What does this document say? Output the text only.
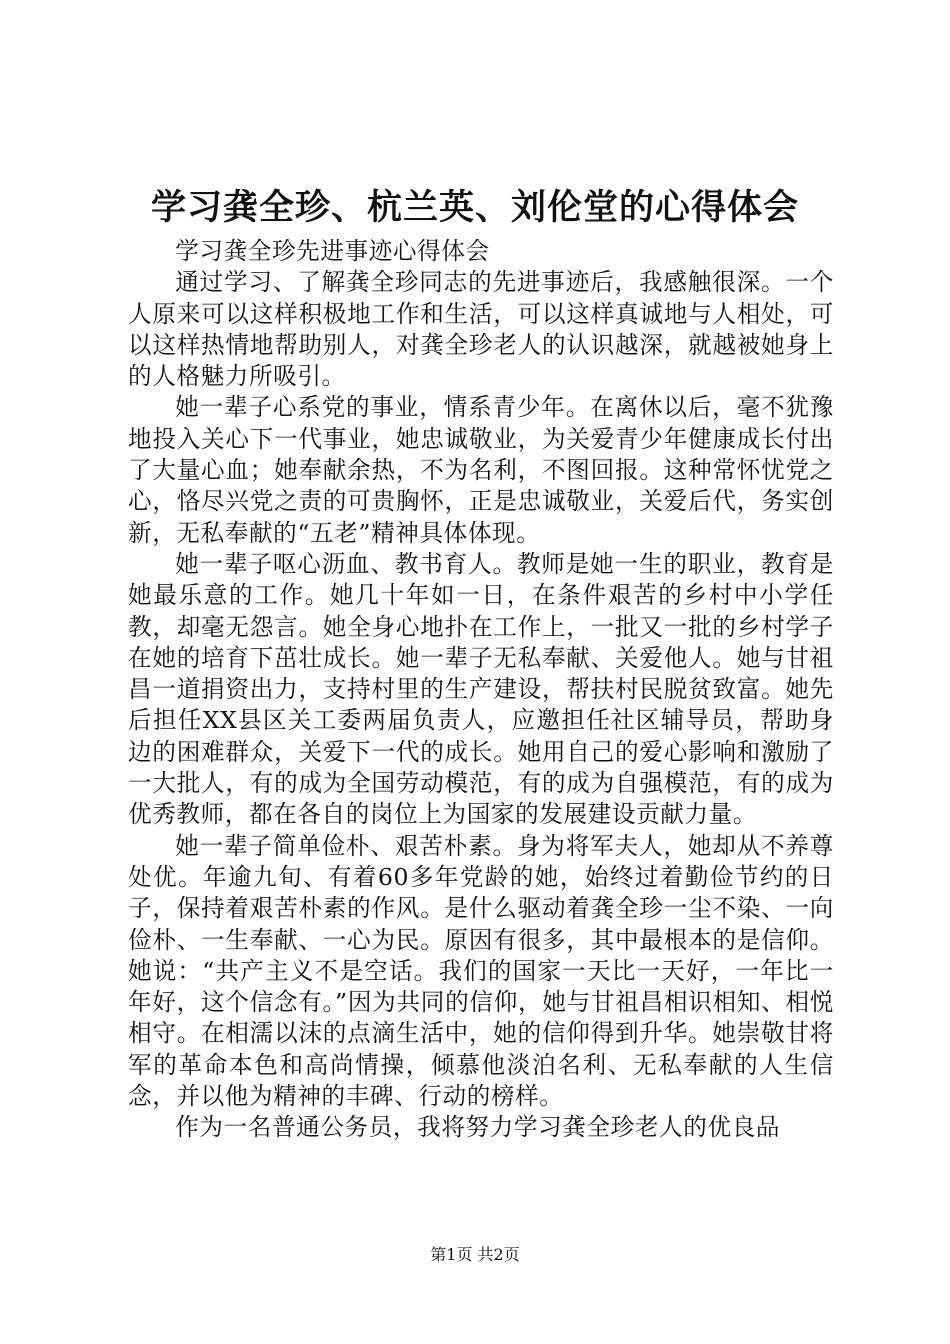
学习龚全珍、杭兰英、刘伦堂的心得体会

学习龚全珍先进事迹心得体会

通过学习、了解龚全珍同志的先进事迹后，我感触很深。一个人原来可以这样积极地工作和生活，可以这样真诚地与人相处，可以这样热情地帮助别人，对龚全珍老人的认识越深，就越被她身上的人格魅力所吸引。

她一辈子心系党的事业，情系青少年。在离休以后，毫不犹豫地投入关心下一代事业，她忠诚敬业，为关爱青少年健康成长付出了大量心血；她奉献余热，不为名利，不图回报。这种常怀忧党之心，恪尽兴党之责的可贵胸怀，正是忠诚敬业，关爱后代，务实创新，无私奉献的“五老”精神具体体现。

她一辈子呕心沥血、教书育人。教师是她一生的职业，教育是她最乐意的工作。她几十年如一日，在条件艰苦的乡村中小学任教，却毫无怨言。她全身心地扑在工作上，一批又一批的乡村学子在她的培育下茁壮成长。她一辈子无私奉献、关爱他人。她与甘祖昌一道捐资出力，支持村里的生产建设，帮扶村民脱贫致富。她先后担任XX县区关工委两届负责人，应邀担任社区辅导员，帮助身边的困难群众，关爱下一代的成长。她用自己的爱心影响和激励了一大批人，有的成为全国劳动模范，有的成为自强模范，有的成为优秀教师，都在各自的岗位上为国家的发展建设贡献力量。

她一辈子简单俭朴、艰苦朴素。身为将军夫人，她却从不养尊处优。年逾九旬、有着60多年党龄的她，始终过着勤俭节约的日子，保持着艰苦朴素的作风。是什么驱动着龚全珍一尘不染、一向俭朴、一生奉献、一心为民。原因有很多，其中最根本的是信仰。她说：“共产主义不是空话。我们的国家一天比一天好，一年比一年好，这个信念有。”因为共同的信仰，她与甘祖昌相识相知、相悦相守。在相濡以沫的点滴生活中，她的信仰得到升华。她崇敬甘将军的革命本色和高尚情操，倾慕他淡泊名利、无私奉献的人生信念，并以他为精神的丰碑、行动的榜样。

作为一名普通公务员，我将努力学习龚全珍老人的优良品

第1页 共2页
